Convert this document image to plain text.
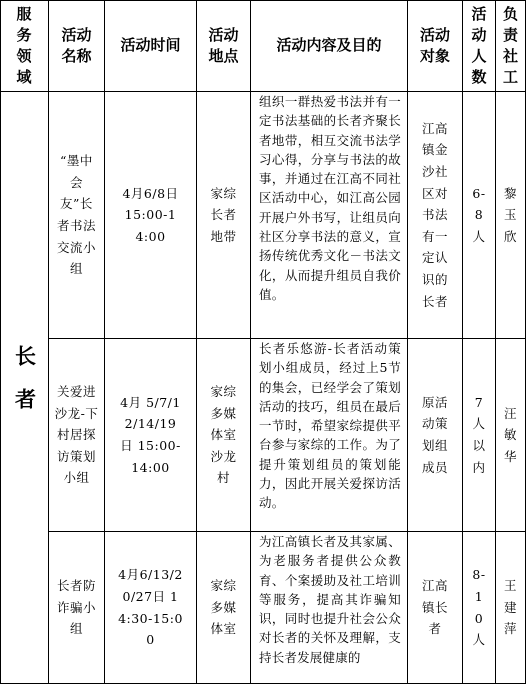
服务领域
活动名称
活动时间
活动地点
活动内容及目的
活动对象
活动人数
负责社工
长者
“墨中会友”长者书法交流小组
4月6/8日 15:00-14:00
家综长者地带
组织一群热爱书法并有一定书法基础的长者齐聚长者地带，相互交流书法学习心得，分享与书法的故事，并通过在江高不同社区活动中心，如江高公园开展户外书写，让组员向社区分享书法的意义，宣扬传统优秀文化－书法文化，从而提升组员自我价值。
江高镇金沙社区对书法有一定认识的长者
6-8人
黎玉欣
关爱进沙龙-下村居探访策划小组
4月 5/7/12/14/19日 15:00-14:00
家综多媒体室沙龙村
长者乐悠游-长者活动策划小组成员，经过上5节的集会，已经学会了策划活动的技巧，组员在最后一节时，希望家综提供平台参与家综的工作。为了提升策划组员的策划能力，因此开展关爱探访活动。
原活动策划组成员
7人以内
汪敏华
长者防诈骗小组
4月6/13/20/27日 14:30-15:00
家综多媒体室
为江高镇长者及其家属、为老服务者提供公众教育、个案援助及社工培训等服务，提高其诈骗知识，同时也提升社会公众对长者的关怀及理解，支持长者发展健康的
江高镇长者
8-10人
王建萍
